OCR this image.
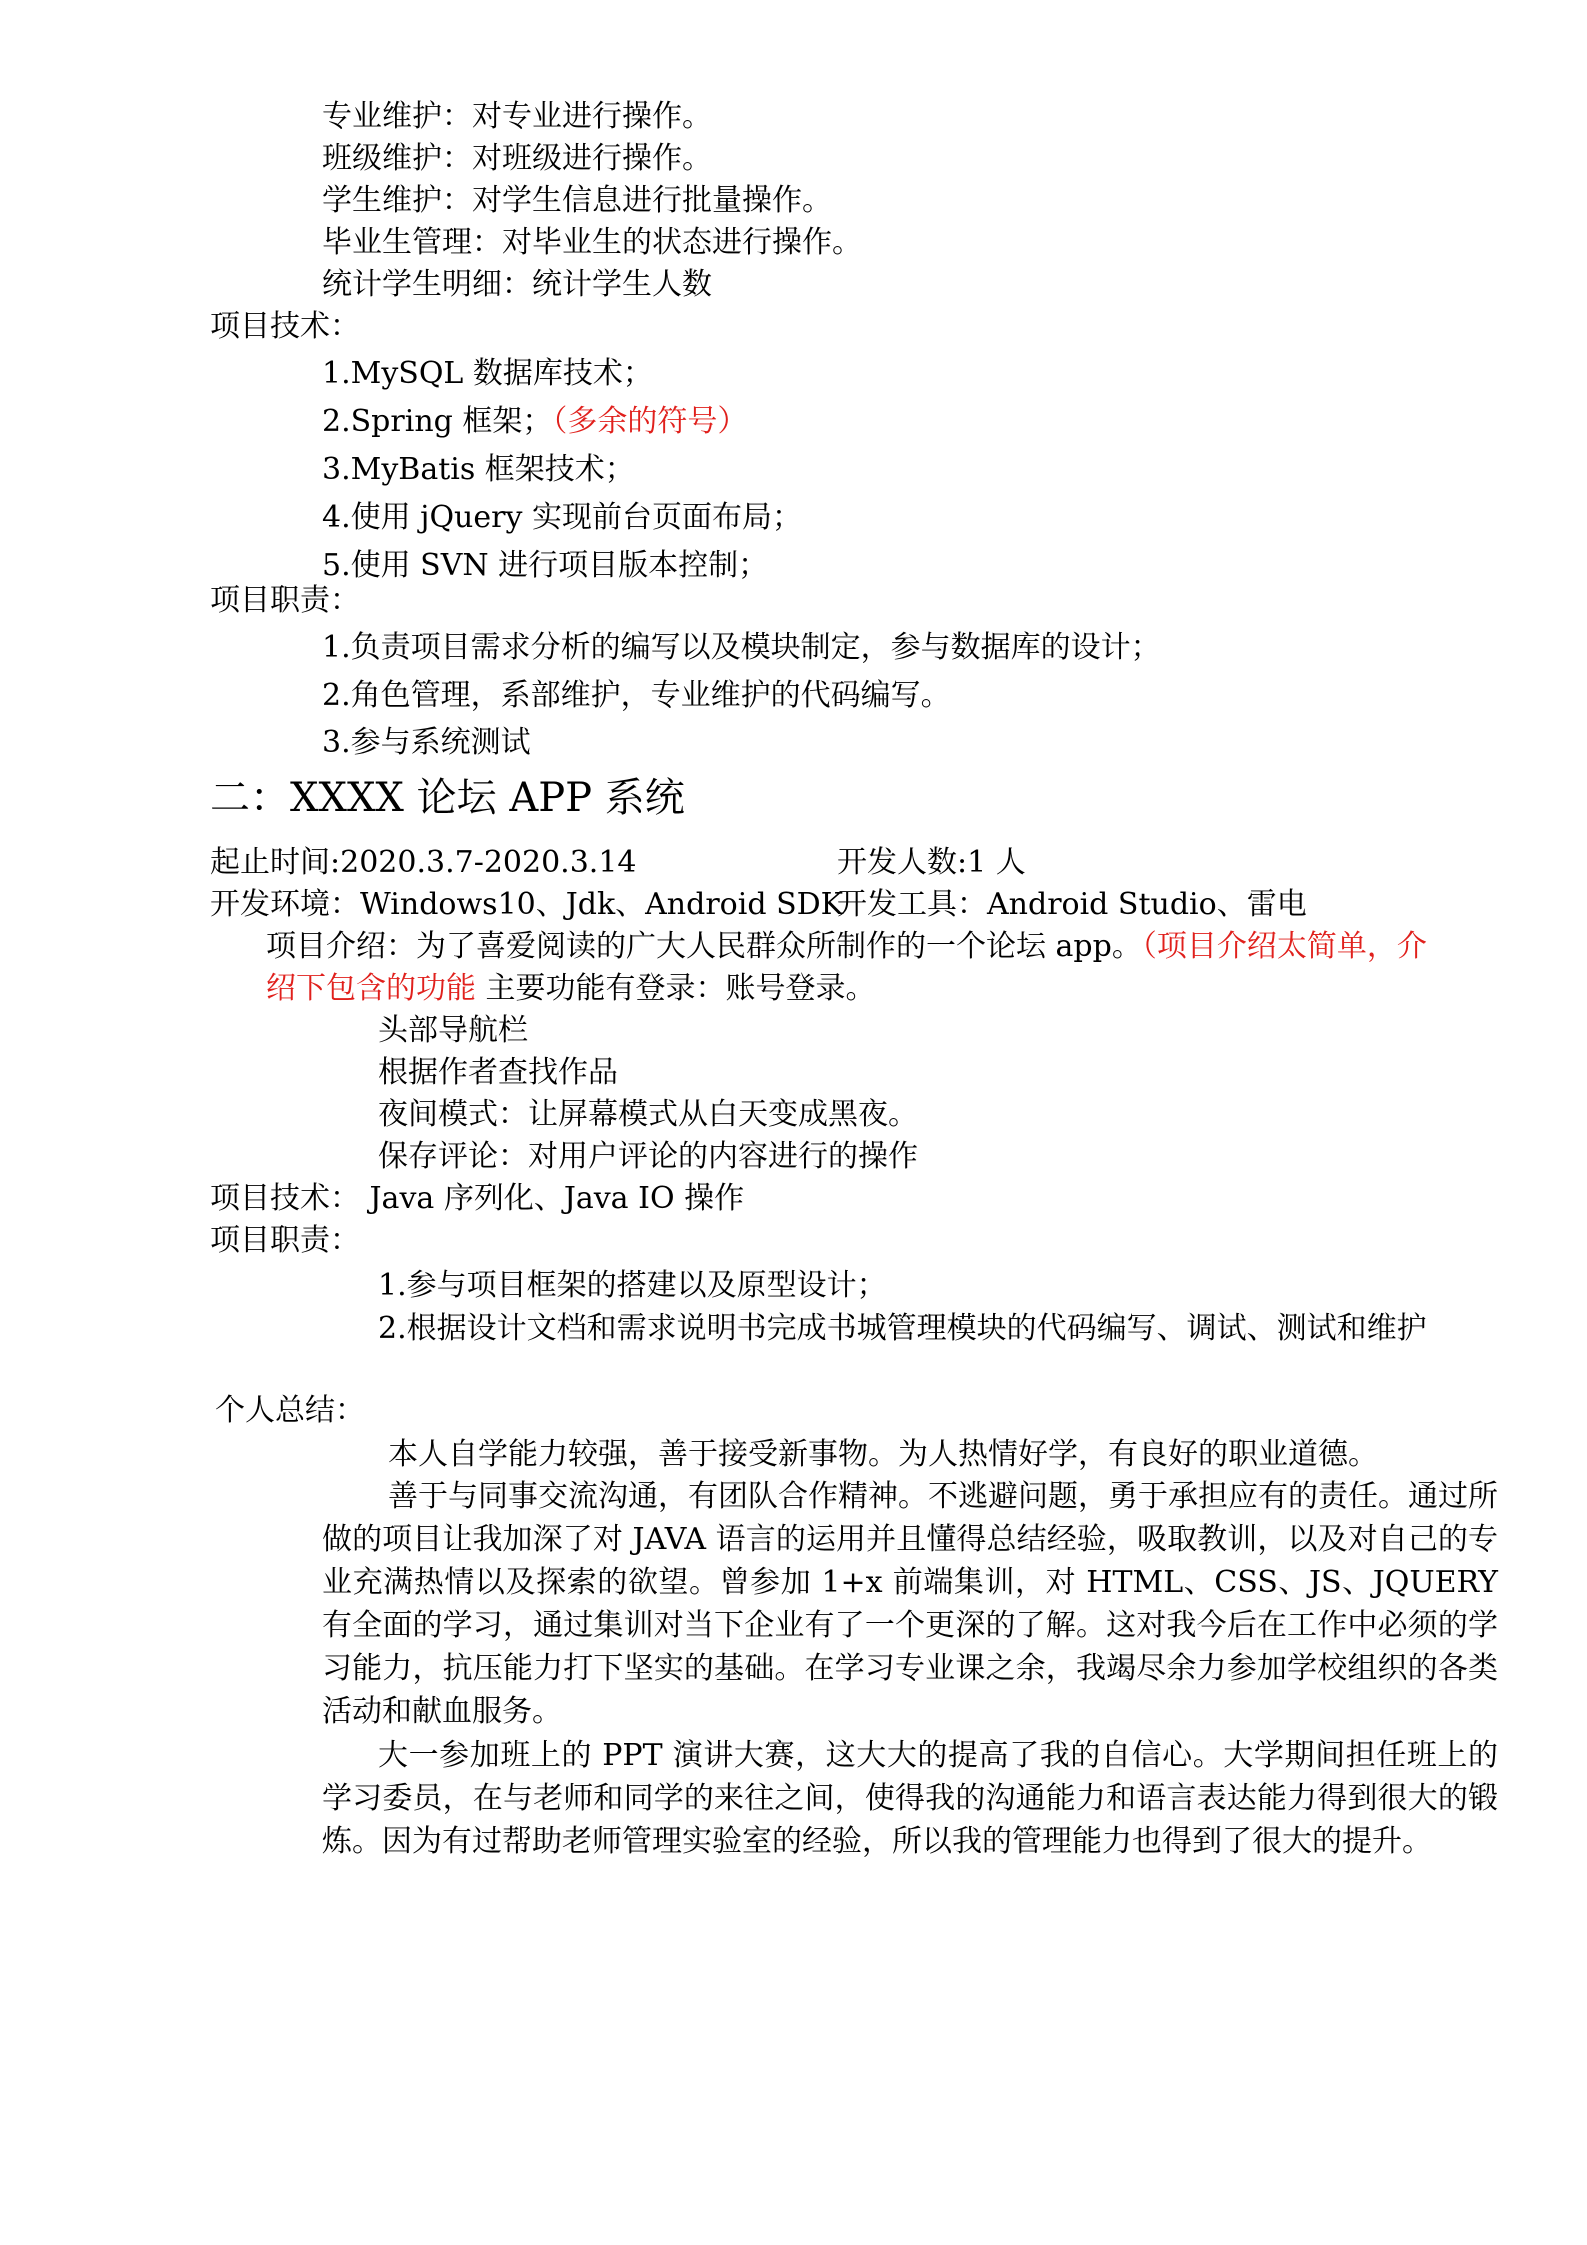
专业维护：对专业进行操作。
班级维护：对班级进行操作。
学生维护：对学生信息进行批量操作。
毕业生管理：对毕业生的状态进行操作。
统计学生明细：统计学生人数
项目技术：
1.MySQL 数据库技术；
2.Spring 框架；（多余的符号）
3.MyBatis 框架技术；
4.使用 jQuery 实现前台页面布局；
5.使用 SVN 进行项目版本控制；
项目职责：
1.负责项目需求分析的编写以及模块制定，参与数据库的设计；
2.角色管理，系部维护，专业维护的代码编写。
3.参与系统测试
二：XXXX 论坛 APP 系统
起止时间:2020.3.7-2020.3.14	开发人数:1 人
开发环境：Windows10、Jdk、Android SDK
开发工具：Android Studio、雷电
项目介绍：为了喜爱阅读的广大人民群众所制作的一个论坛 app。（项目介绍太简单，介
绍下包含的功能 主要功能有登录：账号登录。
头部导航栏
根据作者查找作品
夜间模式：让屏幕模式从白天变成黑夜。
保存评论：对用户评论的内容进行的操作
项目技术： Java 序列化、Java IO 操作
项目职责：
1.参与项目框架的搭建以及原型设计；
2.根据设计文档和需求说明书完成书城管理模块的代码编写、调试、测试和维护
个人总结：
本人自学能力较强，善于接受新事物。为人热情好学，有良好的职业道德。
善于与同事交流沟通，有团队合作精神。不逃避问题，勇于承担应有的责任。通过所做的项目让我加深了对 JAVA 语言的运用并且懂得总结经验，吸取教训，以及对自己的专业充满热情以及探索的欲望。曾参加 1+x 前端集训，对 HTML、CSS、JS、JQUERY 有全面的学习，通过集训对当下企业有了一个更深的了解。这对我今后在工作中必须的学习能力，抗压能力打下坚实的基础。在学习专业课之余，我竭尽余力参加学校组织的各类活动和献血服务。
大一参加班上的 PPT 演讲大赛，这大大的提高了我的自信心。大学期间担任班上的学习委员，在与老师和同学的来往之间，使得我的沟通能力和语言表达能力得到很大的锻炼。因为有过帮助老师管理实验室的经验，所以我的管理能力也得到了很大的提升。
